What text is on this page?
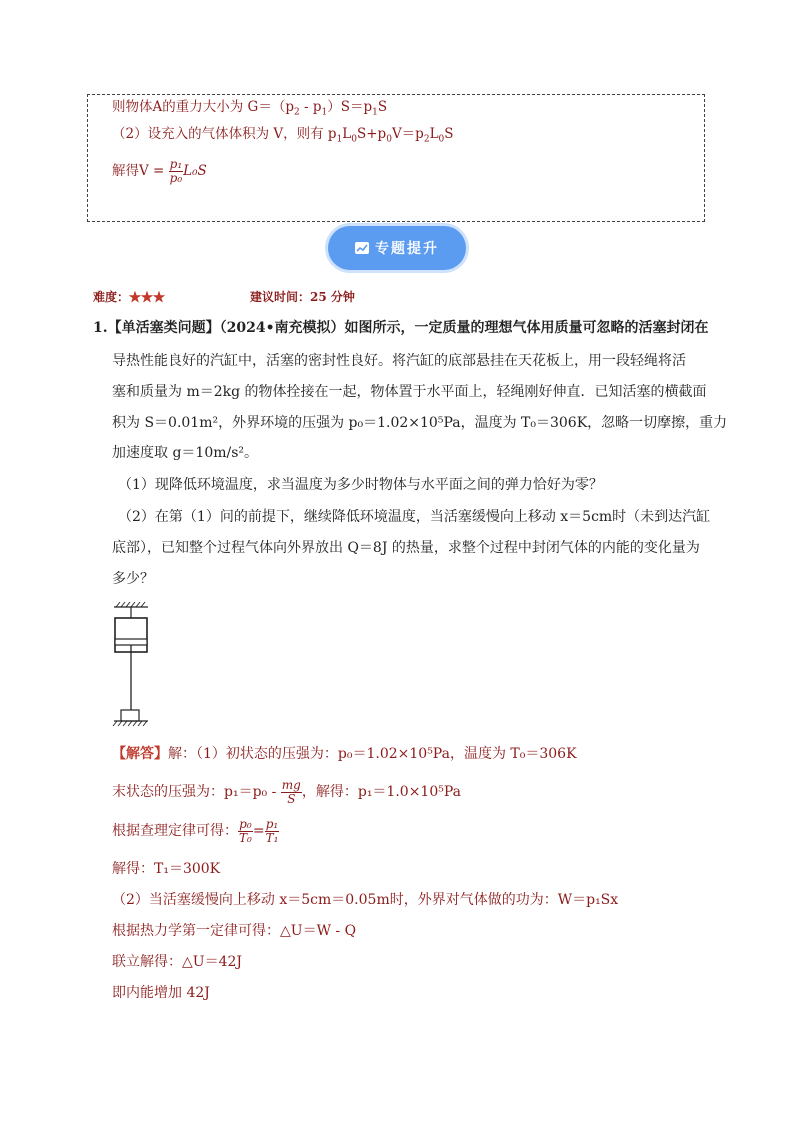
则物体A的重力大小为 $G=(p_2 - p_1)S=p_1S$
（2）设充入的气体体积为 V，则有 $p_1L_0S+p_0V=p_2L_0S$
解得$V = \frac{\text{p₁}}{\text{p₀}} L_0S$
专题提升
难度：★★★	建议时间：25 分钟
1.【单活塞类问题】（2024•南充模拟）如图所示，一定质量的理想气体用质量可忽略的活塞封闭在
导热性能良好的汽缸中，活塞的密封性良好。将汽缸的底部悬挂在天花板上，用一段轻绳将活
塞和质量为 m＝2kg 的物体拴接在一起，物体置于水平面上，轻绳刚好伸直．已知活塞的横截面
积为 S＝0.01m²，外界环境的压强为 p₀＝1.02×10⁵Pa，温度为 T₀＝306K，忽略一切摩擦，重力
加速度取 g＝10m/s²。
（1）现降低环境温度，求当温度为多少时物体与水平面之间的弹力恰好为零？
（2）在第（1）问的前提下，继续降低环境温度，当活塞缓慢向上移动 x＝5cm时（未到达汽缸
底部），已知整个过程气体向外界放出 Q＝8J 的热量，求整个过程中封闭气体的内能的变化量为
多少？
【解答】解：（1）初状态的压强为：p₀＝1.02×10⁵Pa，温度为 T₀＝306K
末状态的压强为：$p_1=p_0 - \frac{mg}{S}$ ，解得：p₁＝1.0×10⁵Pa
根据查理定律可得： $\frac{\text{p₀}}{\text{T₀}} = \frac{\text{p₁}}{\text{T₁}}$
解得：T₁＝300K
（2）当活塞缓慢向上移动 x＝5cm＝0.05m时，外界对气体做的功为：W＝p₁Sx
根据热力学第一定律可得：△U＝W - Q
联立解得：△U＝42J
即内能增加 42J
